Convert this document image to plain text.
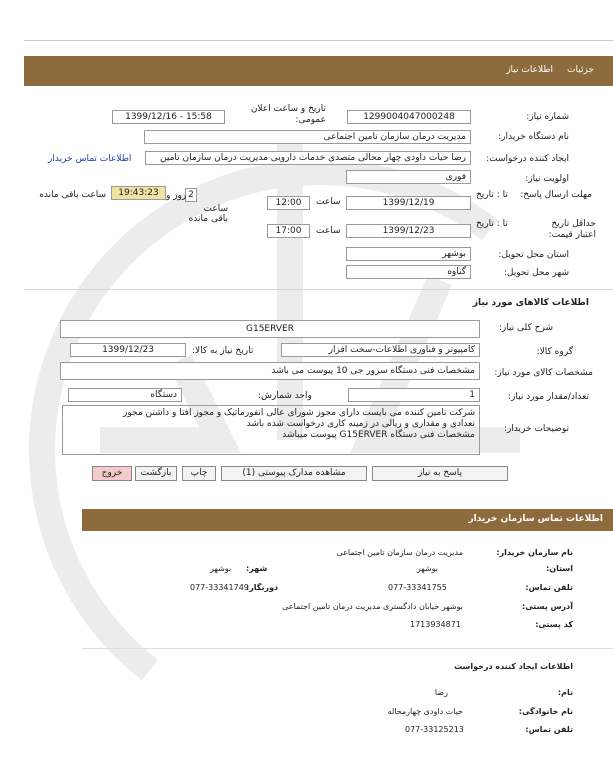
جزئیات
اطلاعات نیاز
شماره نیاز:
1299004047000248
تاریخ و ساعت اعلان عمومی:
1399/12/16 - 15:58
نام دستگاه خریدار:
مدیریت درمان سازمان تامین اجتماعی
ایجاد کننده درخواست:
رضا حیات داودی چهار محالی متصدی خدمات دارویی مدیریت درمان سازمان تامین
اطلاعات تماس خریدار
اولویت نیاز:
فوری
مهلت ارسال پاسخ:
تا : تاریخ
1399/12/19
ساعت
12:00
2
روز و
ساعت باقی مانده
19:43:23
ساعت باقی مانده
حداقل تاریخ اعتبار قیمت:
تا : تاریخ
1399/12/23
ساعت
17:00
استان محل تحویل:
بوشهر
شهر محل تحویل:
گناوه
اطلاعات کالاهای مورد نیاز
شرح کلی نیاز:
G15ERVER
گروه کالا:
کامپیوتر و فناوری اطلاعات-سخت افزار
تاریخ نیاز به کالا:
1399/12/23
مشخصات کالای مورد نیاز:
مشخصات فنی دستگاه سرور جی 10 پیوست می باشد
تعداد/مقدار مورد نیاز:
1
واحد شمارش:
دستگاه
توضیحات خریدار:
شرکت تامین کننده می بایست دارای مجوز شورای عالی انفورماتیک و مجوز افتا و داشتن مجوز
تعدادی و مقداری و ریالی در زمینه کاری درخواست شده باشد
مشخصات فنی دستگاه G15ERVER پیوست میباشد
پاسخ به نیاز
مشاهده مدارک پیوستی (1)
چاپ
بازگشت
خروج
اطلاعات تماس سازمان خریدار
نام سازمان خریدار:
مدیریت درمان سازمان تامین اجتماعی
استان:
بوشهر
شهر:
بوشهر
تلفن تماس:
077-33341755
دورنگار:
077-33341749
آدرس پستی:
بوشهر خیابان دادگستری مدیریت درمان تامین اجتماعی
کد پستی:
1713934871
اطلاعات ایجاد کننده درخواست
نام:
رضا
نام خانوادگی:
حیات داودی چهارمحاله
تلفن تماس:
077-33125213
